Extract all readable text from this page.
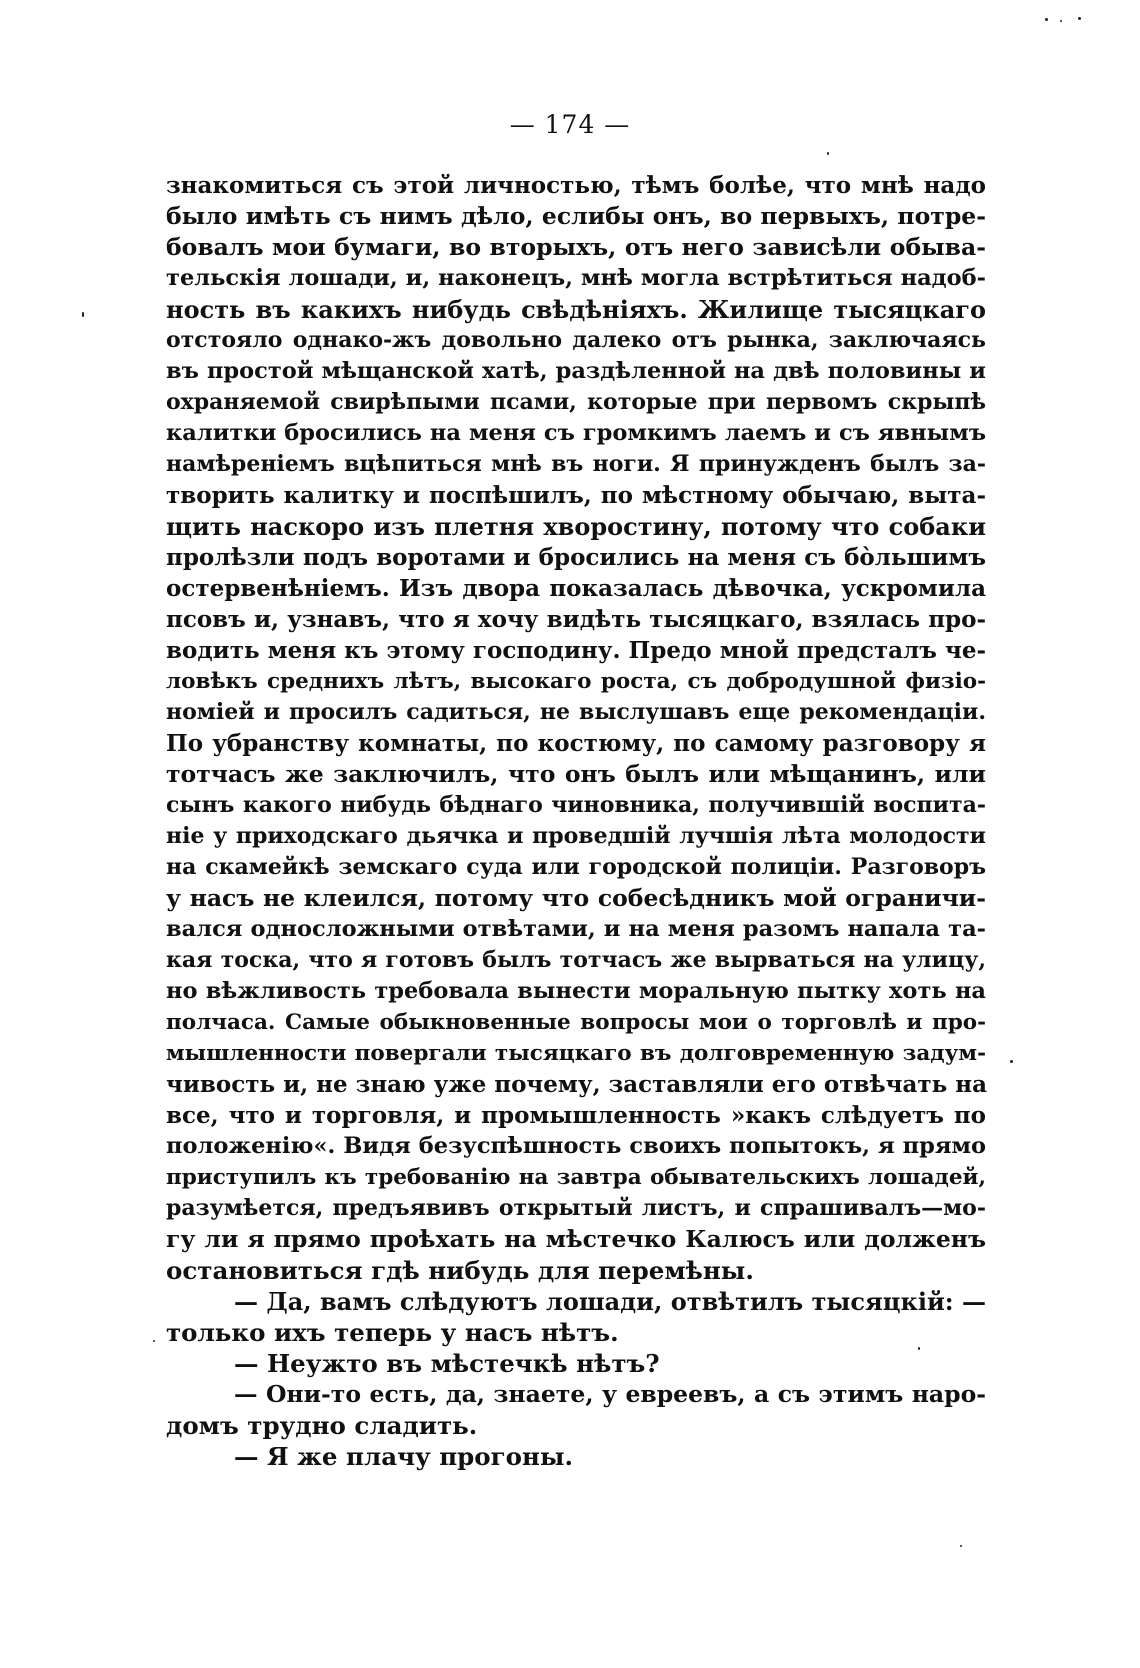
— 174 —
знакомиться съ этой личностью, тѣмъ болѣе, что мнѣ надо
было имѣть съ нимъ дѣло, еслибы онъ, во первыхъ, потре-
бовалъ мои бумаги, во вторыхъ, отъ него зависѣли обыва-
тельскія лошади, и, наконецъ, мнѣ могла встрѣтиться надоб-
ность въ какихъ нибудь свѣдѣніяхъ. Жилище тысяцкаго
отстояло однако-жъ довольно далеко отъ рынка, заключаясь
въ простой мѣщанской хатѣ, раздѣленной на двѣ половины и
охраняемой свирѣпыми псами, которые при первомъ скрыпѣ
калитки бросились на меня съ громкимъ лаемъ и съ явнымъ
намѣреніемъ вцѣпиться мнѣ въ ноги. Я принужденъ былъ за-
творить калитку и поспѣшилъ, по мѣстному обычаю, выта-
щить наскоро изъ плетня хворостину, потому что собаки
пролѣзли подъ воротами и бросились на меня съ бо̀льшимъ
остервенѣніемъ. Изъ двора показалась дѣвочка, ускромила
псовъ и, узнавъ, что я хочу видѣть тысяцкаго, взялась про-
водить меня къ этому господину. Предо мной предсталъ че-
ловѣкъ среднихъ лѣтъ, высокаго роста, съ добродушной физіо-
номіей и просилъ садиться, не выслушавъ еще рекомендаціи.
По убранству комнаты, по костюму, по самому разговору я
тотчасъ же заключилъ, что онъ былъ или мѣщанинъ, или
сынъ какого нибудь бѣднаго чиновника, получившій воспита-
ніе у приходскаго дьячка и проведшій лучшія лѣта молодости
на скамейкѣ земскаго суда или городской полиціи. Разговоръ
у насъ не клеился, потому что собесѣдникъ мой ограничи-
вался односложными отвѣтами, и на меня разомъ напала та-
кая тоска, что я готовъ былъ тотчасъ же вырваться на улицу,
но вѣжливость требовала вынести моральную пытку хоть на
полчаса. Самые обыкновенные вопросы мои о торговлѣ и про-
мышленности повергали тысяцкаго въ долговременную задум-
чивость и, не знаю уже почему, заставляли его отвѣчать на
все, что и торговля, и промышленность »какъ слѣдуетъ по
положенію«. Видя безуспѣшность своихъ попытокъ, я прямо
приступилъ къ требованію на завтра обывательскихъ лошадей,
разумѣется, предъявивъ открытый листъ, и спрашивалъ—мо-
гу ли я прямо проѣхать на мѣстечко Калюсъ или долженъ
остановиться гдѣ нибудь для перемѣны.
— Да, вамъ слѣдуютъ лошади, отвѣтилъ тысяцкій: —
только ихъ теперь у насъ нѣтъ.
— Неужто въ мѣстечкѣ нѣтъ?
— Они-то есть, да, знаете, у евреевъ, а съ этимъ наро-
домъ трудно сладить.
— Я же плачу прогоны.
